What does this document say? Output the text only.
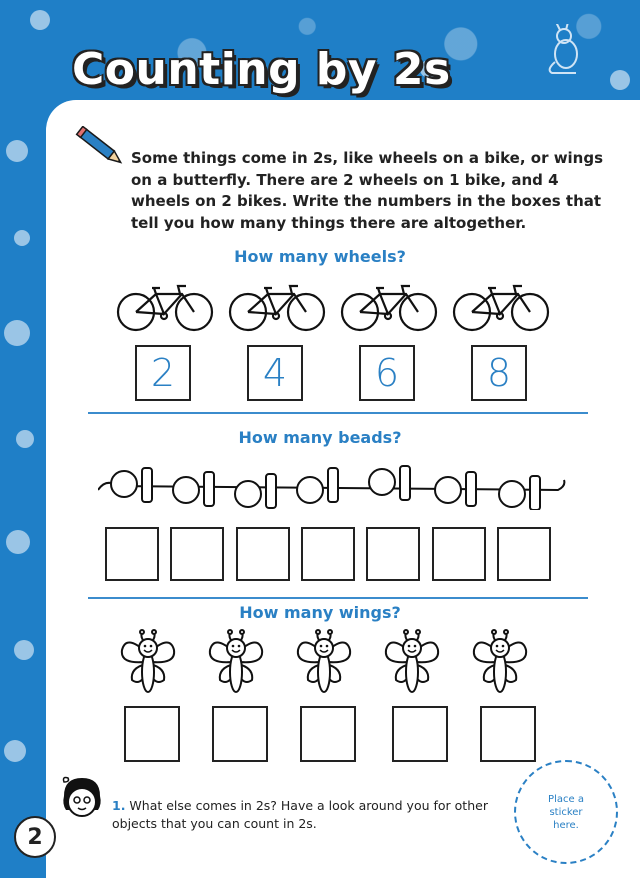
Counting by 2s
Some things come in 2s, like wheels on a bike, or wings on a butterfly. There are 2 wheels on 1 bike, and 4 wheels on 2 bikes. Write the numbers in the boxes that tell you how many things there are altogether.
How many wheels?
2	4	6	8
How many beads?
How many wings?
1. What else comes in 2s? Have a look around you for other objects that you can count in 2s.
Place a
sticker
here.
2
